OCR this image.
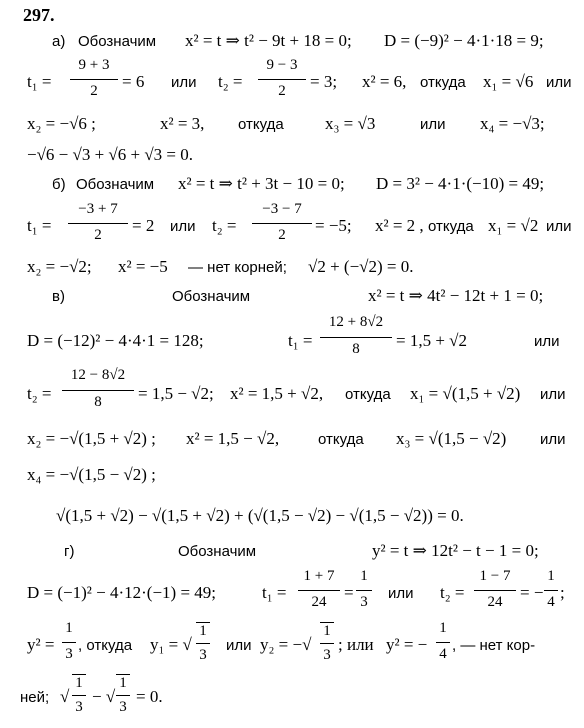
297.
а) Обозначим x² = t ⇒ t² − 9t + 18 = 0; D = (−9)² − 4·1·18 = 9;
t₁ =
9 + 3
2	= 6 или t₂ =
9 − 3
2	= 3; x² = 6, откуда x₁ = √6 или
x₂ = −√6 ;	x² = 3, откуда x₃ = √3	или x₄ = −√3;
−√6 − √3 + √6 + √3 = 0.
б) Обозначим x² = t ⇒ t² + 3t − 10 = 0; D = 3² − 4·1·(−10) = 49;
t₁ =
−3 + 7
2	= 2 или t₂ =
−3 − 7
2	= −5; x² = 2 , откуда x₁ = √2 или
x₂ = −√2; x² = −5 — нет корней; √2 + (−√2) = 0.
в)	Обозначим	x² = t ⇒ 4t² − 12t + 1 = 0;
D = (−12)² − 4·4·1 = 128;	t₁ =
12 + 8√2
8	= 1,5 + √2	или
t₂ =
12 − 8√2
8	= 1,5 − √2; x² = 1,5 + √2, откуда x₁ = √(1,5 + √2) или
x₂ = −√(1,5 + √2) ; x² = 1,5 − √2,	откуда x₃ = √(1,5 − √2) или
x₄ = −√(1,5 − √2) ;
√(1,5 + √2) − √(1,5 + √2) + (√(1,5 − √2) − √(1,5 − √2)) = 0.
г)	Обозначим	y² = t ⇒ 12t² − t − 1 = 0;
D = (−1)² − 4·12·(−1) = 49;	t₁ =
1 + 7
24	=
1
3 или t₂ =
1 − 7
24	= −
1
4 ;
y² =
1
3 , откуда y₁ = √
1
3
или y₂ = −√
1
3
; или y² = −
1
4 , — нет кор-
ней; √
1
3
− √
1
3
= 0.
